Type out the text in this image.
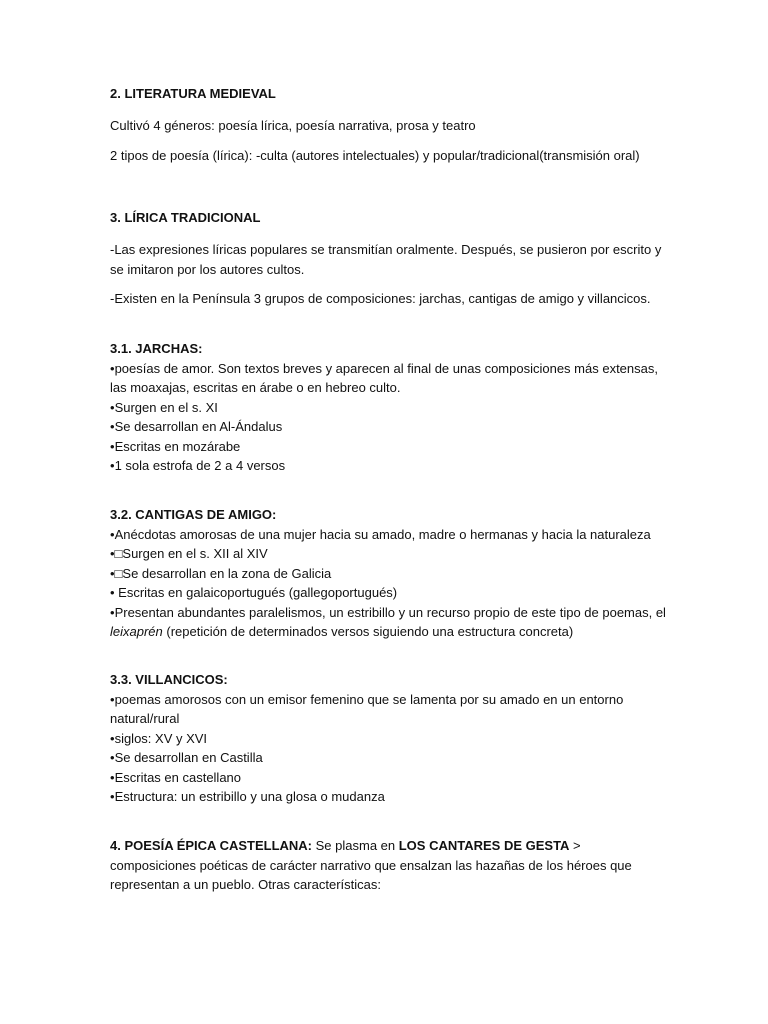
2. LITERATURA MEDIEVAL
Cultivó 4 géneros: poesía lírica, poesía narrativa, prosa y teatro
2 tipos de poesía (lírica): -culta (autores intelectuales) y popular/tradicional(transmisión oral)
3. LÍRICA TRADICIONAL
-Las expresiones líricas populares se transmitían oralmente. Después, se pusieron por escrito y se imitaron por los autores cultos.
-Existen en la Península 3 grupos de composiciones: jarchas, cantigas de amigo y villancicos.
3.1. JARCHAS:
• poesías de amor. Son textos breves y aparecen al final de unas composiciones más extensas, las moaxajas, escritas en árabe o en hebreo culto.
• Surgen en el s. XI
• Se desarrollan en Al-Ándalus
• Escritas en mozárabe
• 1 sola estrofa de 2 a 4 versos
3.2. CANTIGAS DE AMIGO:
• Anécdotas amorosas de una mujer hacia su amado, madre o hermanas y hacia la naturaleza
•□ Surgen en el s. XII al XIV
•□ Se desarrollan en la zona de Galicia
• Escritas en galaicoportugués (gallegoportugués)
• Presentan abundantes paralelismos, un estribillo y un recurso propio de este tipo de poemas, el leixaprén (repetición de determinados versos siguiendo una estructura concreta)
3.3. VILLANCICOS:
• poemas amorosos con un emisor femenino que se lamenta por su amado en un entorno natural/rural
• siglos: XV y XVI
• Se desarrollan en Castilla
• Escritas en castellano
• Estructura: un estribillo y una glosa o mudanza
4. POESÍA ÉPICA CASTELLANA: Se plasma en LOS CANTARES DE GESTA > composiciones poéticas de carácter narrativo que ensalzan las hazañas de los héroes que representan a un pueblo. Otras características:
